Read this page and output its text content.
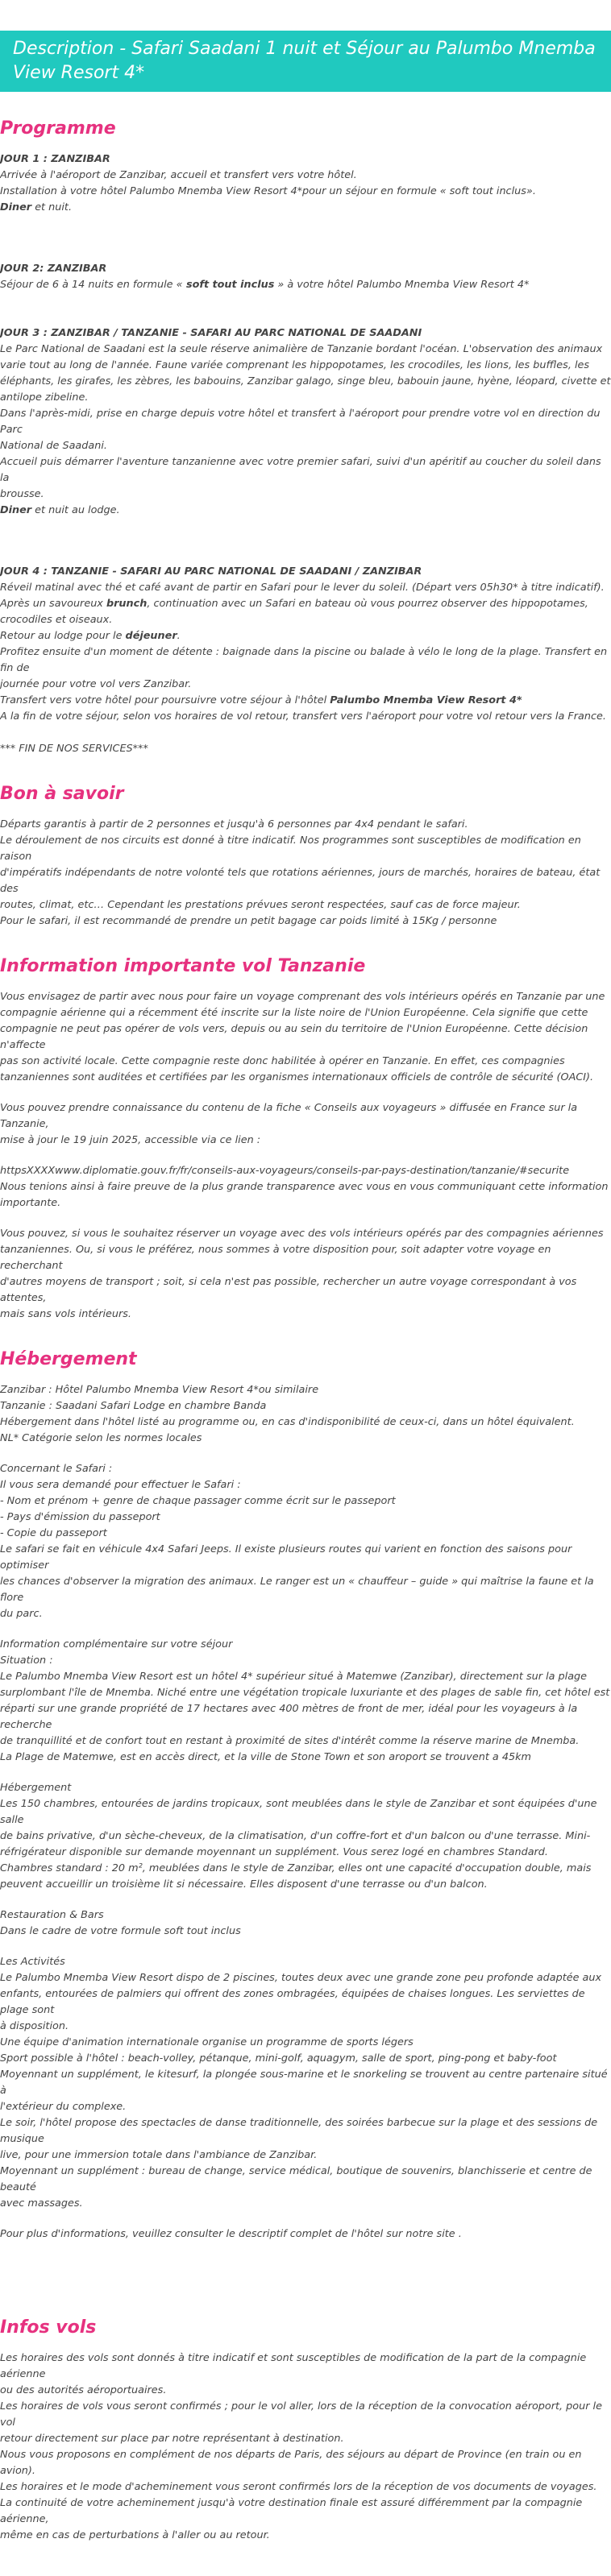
Description - Safari Saadani 1 nuit et Séjour au Palumbo Mnemba
View Resort 4*
Programme

JOUR 1 : ZANZIBAR

Arrivée à l'aéroport de Zanzibar, accueil et transfert vers votre hôtel.

Installation à votre hôtel Palumbo Mnemba View Resort 4*pour un séjour en formule « soft tout inclus».

Diner et nuit.

JOUR 2: ZANZIBAR

Séjour de 6 à 14 nuits en formule « soft tout inclus » à votre hôtel Palumbo Mnemba View Resort 4*

JOUR 3 : ZANZIBAR / TANZANIE - SAFARI AU PARC NATIONAL DE SAADANI

Le Parc National de Saadani est la seule réserve animalière de Tanzanie bordant l'océan. L'observation des animaux

varie tout au long de l'année. Faune variée comprenant les hippopotames, les crocodiles, les lions, les buffles, les

éléphants, les girafes, les zèbres, les babouins, Zanzibar galago, singe bleu, babouin jaune, hyène, léopard, civette et

antilope zibeline.

Dans l'après-midi, prise en charge depuis votre hôtel et transfert à l'aéroport pour prendre votre vol en direction du Parc

National de Saadani.

Accueil puis démarrer l'aventure tanzanienne avec votre premier safari, suivi d'un apéritif au coucher du soleil dans la

brousse.

Diner et nuit au lodge.

JOUR 4 : TANZANIE - SAFARI AU PARC NATIONAL DE SAADANI / ZANZIBAR

Réveil matinal avec thé et café avant de partir en Safari pour le lever du soleil. (Départ vers 05h30* à titre indicatif).

Après un savoureux brunch, continuation avec un Safari en bateau où vous pourrez observer des hippopotames,

crocodiles et oiseaux.

Retour au lodge pour le déjeuner.

Profitez ensuite d'un moment de détente : baignade dans la piscine ou balade à vélo le long de la plage. Transfert en fin de

journée pour votre vol vers Zanzibar.

Transfert vers votre hôtel pour poursuivre votre séjour à l'hôtel Palumbo Mnemba View Resort 4*

A la fin de votre séjour, selon vos horaires de vol retour, transfert vers l'aéroport pour votre vol retour vers la France.

*** FIN DE NOS SERVICES***

Bon à savoir

Départs garantis à partir de 2 personnes et jusqu'à 6 personnes par 4x4 pendant le safari.

Le déroulement de nos circuits est donné à titre indicatif. Nos programmes sont susceptibles de modification en raison

d'impératifs indépendants de notre volonté tels que rotations aériennes, jours de marchés, horaires de bateau, état des

routes, climat, etc… Cependant les prestations prévues seront respectées, sauf cas de force majeur.

Pour le safari, il est recommandé de prendre un petit bagage car poids limité à 15Kg / personne

Information importante vol Tanzanie

Vous envisagez de partir avec nous pour faire un voyage comprenant des vols intérieurs opérés en Tanzanie par une

compagnie aérienne qui a récemment été inscrite sur la liste noire de l'Union Européenne. Cela signifie que cette

compagnie ne peut pas opérer de vols vers, depuis ou au sein du territoire de l'Union Européenne. Cette décision n'affecte

pas son activité locale. Cette compagnie reste donc habilitée à opérer en Tanzanie. En effet, ces compagnies

tanzaniennes sont auditées et certifiées par les organismes internationaux officiels de contrôle de sécurité (OACI).

Vous pouvez prendre connaissance du contenu de la fiche « Conseils aux voyageurs » diffusée en France sur la Tanzanie,

mise à jour le 19 juin 2025, accessible via ce lien :

httpsXXXXwww.diplomatie.gouv.fr/fr/conseils-aux-voyageurs/conseils-par-pays-destination/tanzanie/#securite

Nous tenions ainsi à faire preuve de la plus grande transparence avec vous en vous communiquant cette information

importante.

Vous pouvez, si vous le souhaitez réserver un voyage avec des vols intérieurs opérés par des compagnies aériennes

tanzaniennes. Ou, si vous le préférez, nous sommes à votre disposition pour, soit adapter votre voyage en recherchant

d'autres moyens de transport ; soit, si cela n'est pas possible, rechercher un autre voyage correspondant à vos attentes,

mais sans vols intérieurs.

Hébergement

Zanzibar : Hôtel Palumbo Mnemba View Resort 4*ou similaire

Tanzanie : Saadani Safari Lodge en chambre Banda

Hébergement dans l'hôtel listé au programme ou, en cas d'indisponibilité de ceux-ci, dans un hôtel équivalent.

NL* Catégorie selon les normes locales

Concernant le Safari :

Il vous sera demandé pour effectuer le Safari :

- Nom et prénom + genre de chaque passager comme écrit sur le passeport

- Pays d'émission du passeport

- Copie du passeport

Le safari se fait en véhicule 4x4 Safari Jeeps. Il existe plusieurs routes qui varient en fonction des saisons pour optimiser

les chances d'observer la migration des animaux. Le ranger est un « chauffeur – guide » qui maîtrise la faune et la flore

du parc.

Information complémentaire sur votre séjour

Situation :

Le Palumbo Mnemba View Resort est un hôtel 4* supérieur situé à Matemwe (Zanzibar), directement sur la plage

surplombant l'île de Mnemba. Niché entre une végétation tropicale luxuriante et des plages de sable fin, cet hôtel est

réparti sur une grande propriété de 17 hectares avec 400 mètres de front de mer, idéal pour les voyageurs à la recherche

de tranquillité et de confort tout en restant à proximité de sites d'intérêt comme la réserve marine de Mnemba.

La Plage de Matemwe, est en accès direct, et la ville de Stone Town et son aroport se trouvent a 45km

Hébergement

Les 150 chambres, entourées de jardins tropicaux, sont meublées dans le style de Zanzibar et sont équipées d'une salle

de bains privative, d'un sèche-cheveux, de la climatisation, d'un coffre-fort et d'un balcon ou d'une terrasse. Mini-

réfrigérateur disponible sur demande moyennant un supplément. Vous serez logé en chambres Standard.

Chambres standard : 20 m², meublées dans le style de Zanzibar, elles ont une capacité d'occupation double, mais

peuvent accueillir un troisième lit si nécessaire. Elles disposent d'une terrasse ou d'un balcon.

Restauration & Bars

Dans le cadre de votre formule soft tout inclus

Les Activités

Le Palumbo Mnemba View Resort dispo de 2 piscines, toutes deux avec une grande zone peu profonde adaptée aux

enfants, entourées de palmiers qui offrent des zones ombragées, équipées de chaises longues. Les serviettes de plage sont

à disposition.

Une équipe d'animation internationale organise un programme de sports légers

Sport possible à l'hôtel : beach-volley, pétanque, mini-golf, aquagym, salle de sport, ping-pong et baby-foot

Moyennant un supplément, le kitesurf, la plongée sous-marine et le snorkeling se trouvent au centre partenaire situé à

l'extérieur du complexe.

Le soir, l'hôtel propose des spectacles de danse traditionnelle, des soirées barbecue sur la plage et des sessions de musique

live, pour une immersion totale dans l'ambiance de Zanzibar.

Moyennant un supplément : bureau de change, service médical, boutique de souvenirs, blanchisserie et centre de beauté

avec massages.

Pour plus d'informations, veuillez consulter le descriptif complet de l'hôtel sur notre site .

Infos vols

Les horaires des vols sont donnés à titre indicatif et sont susceptibles de modification de la part de la compagnie aérienne

ou des autorités aéroportuaires.

Les horaires de vols vous seront confirmés ; pour le vol aller, lors de la réception de la convocation aéroport, pour le vol

retour directement sur place par notre représentant à destination.

Nous vous proposons en complément de nos départs de Paris, des séjours au départ de Province (en train ou en avion).

Les horaires et le mode d'acheminement vous seront confirmés lors de la réception de vos documents de voyages.

La continuité de votre acheminement jusqu'à votre destination finale est assuré différemment par la compagnie aérienne,

même en cas de perturbations à l'aller ou au retour.
